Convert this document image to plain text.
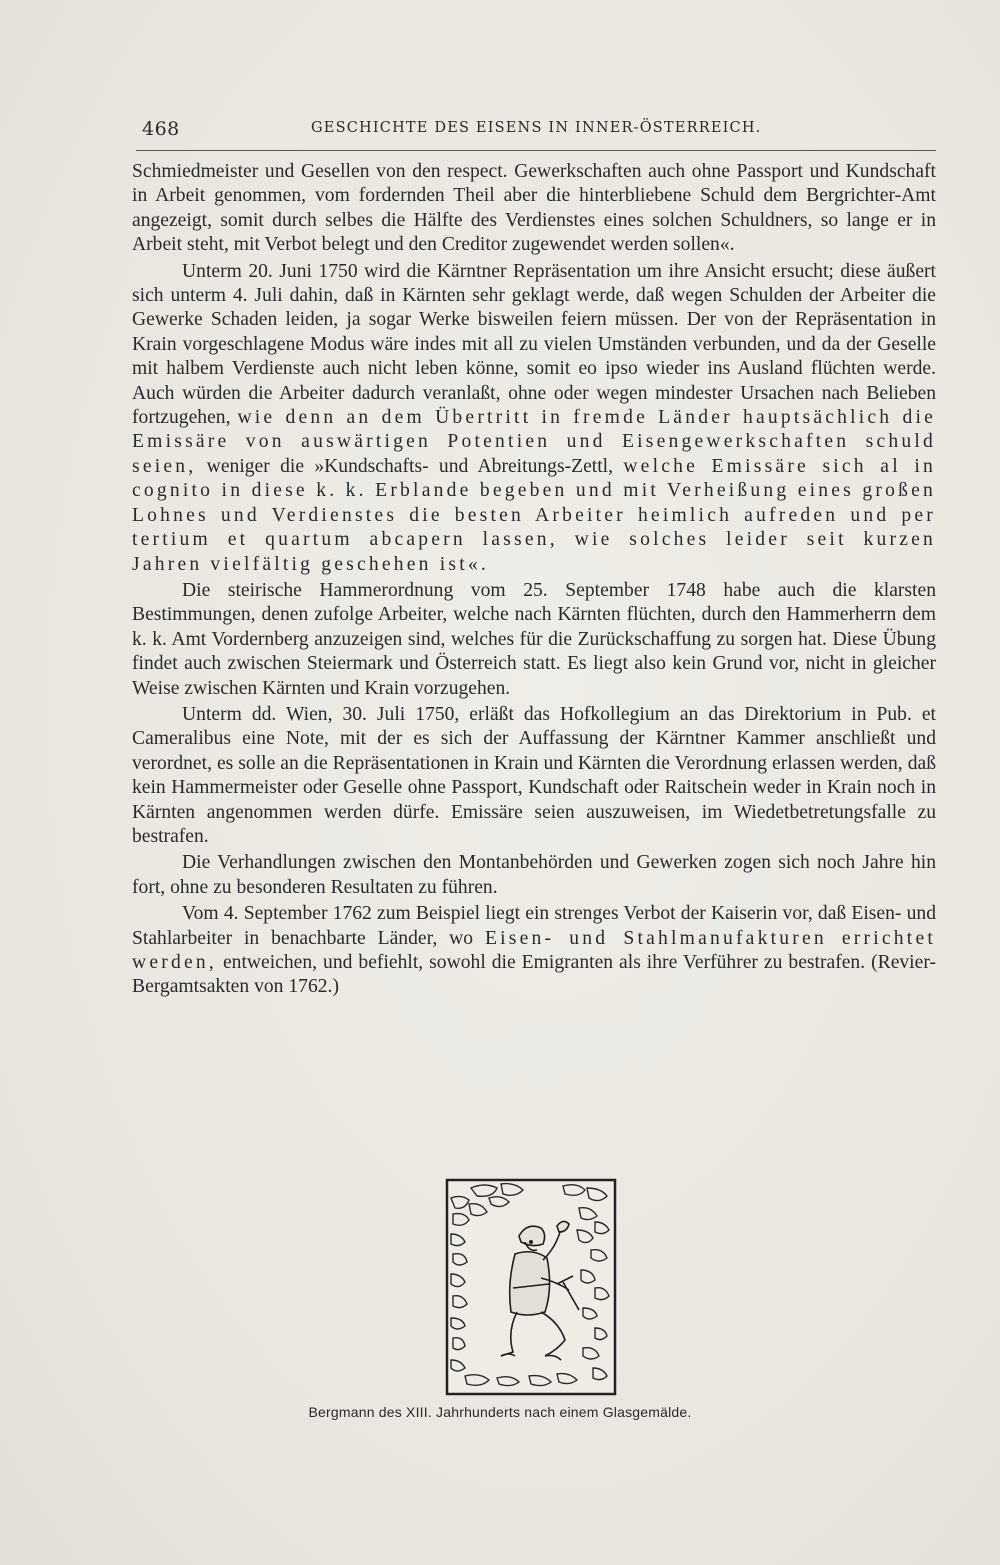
468	GESCHICHTE DES EISENS IN INNER-ÖSTERREICH.

Schmiedmeister und Gesellen von den respect. Gewerkschaften auch ohne Passport und Kundschaft in Arbeit genommen, vom fordernden Theil aber die hinterbliebene Schuld dem Bergrichter-Amt angezeigt, somit durch selbes die Hälfte des Verdienstes eines solchen Schuldners, so lange er in Arbeit steht, mit Verbot belegt und den Creditor zugewendet werden sollen«.

Unterm 20. Juni 1750 wird die Kärntner Repräsentation um ihre Ansicht ersucht; diese äußert sich unterm 4. Juli dahin, daß in Kärnten sehr geklagt werde, daß wegen Schulden der Arbeiter die Gewerke Schaden leiden, ja sogar Werke bisweilen feiern müssen. Der von der Repräsentation in Krain vorgeschlagene Modus wäre indes mit all zu vielen Umständen verbunden, und da der Geselle mit halbem Verdienste auch nicht leben könne, somit eo ipso wieder ins Ausland flüchten werde. Auch würden die Arbeiter dadurch veranlaßt, ohne oder wegen mindester Ursachen nach Belieben fortzugehen, wie denn an dem Übertritt in fremde Länder hauptsächlich die Emissäre von auswärtigen Potentien und Eisengewerkschaften schuld seien, weniger die »Kundschafts- und Abreitungs-Zettl, welche Emissäre sich al in cognito in diese k. k. Erblande begeben und mit Verheißung eines großen Lohnes und Verdienstes die besten Arbeiter heimlich aufreden und per tertium et quartum abcapern lassen, wie solches leider seit kurzen Jahren vielfältig geschehen ist«.

Die steirische Hammerordnung vom 25. September 1748 habe auch die klarsten Bestimmungen, denen zufolge Arbeiter, welche nach Kärnten flüchten, durch den Hammerherrn dem k. k. Amt Vordernberg anzuzeigen sind, welches für die Zurückschaffung zu sorgen hat. Diese Übung findet auch zwischen Steiermark und Österreich statt. Es liegt also kein Grund vor, nicht in gleicher Weise zwischen Kärnten und Krain vorzugehen.

Unterm dd. Wien, 30. Juli 1750, erläßt das Hofkollegium an das Direktorium in Pub. et Cameralibus eine Note, mit der es sich der Auffassung der Kärntner Kammer anschließt und verordnet, es solle an die Repräsentationen in Krain und Kärnten die Verordnung erlassen werden, daß kein Hammermeister oder Geselle ohne Passport, Kundschaft oder Raitschein weder in Krain noch in Kärnten angenommen werden dürfe. Emissäre seien auszuweisen, im Wiedetbetretungsfalle zu bestrafen.

Die Verhandlungen zwischen den Montanbehörden und Gewerken zogen sich noch Jahre hin fort, ohne zu besonderen Resultaten zu führen.

Vom 4. September 1762 zum Beispiel liegt ein strenges Verbot der Kaiserin vor, daß Eisen- und Stahlarbeiter in benachbarte Länder, wo Eisen- und Stahlmanufakturen errichtet werden, entweichen, und befiehlt, sowohl die Emigranten als ihre Verführer zu bestrafen. (Revier-Bergamtsakten von 1762.)

Bergmann des XIII. Jahrhunderts nach einem Glasgemälde.
